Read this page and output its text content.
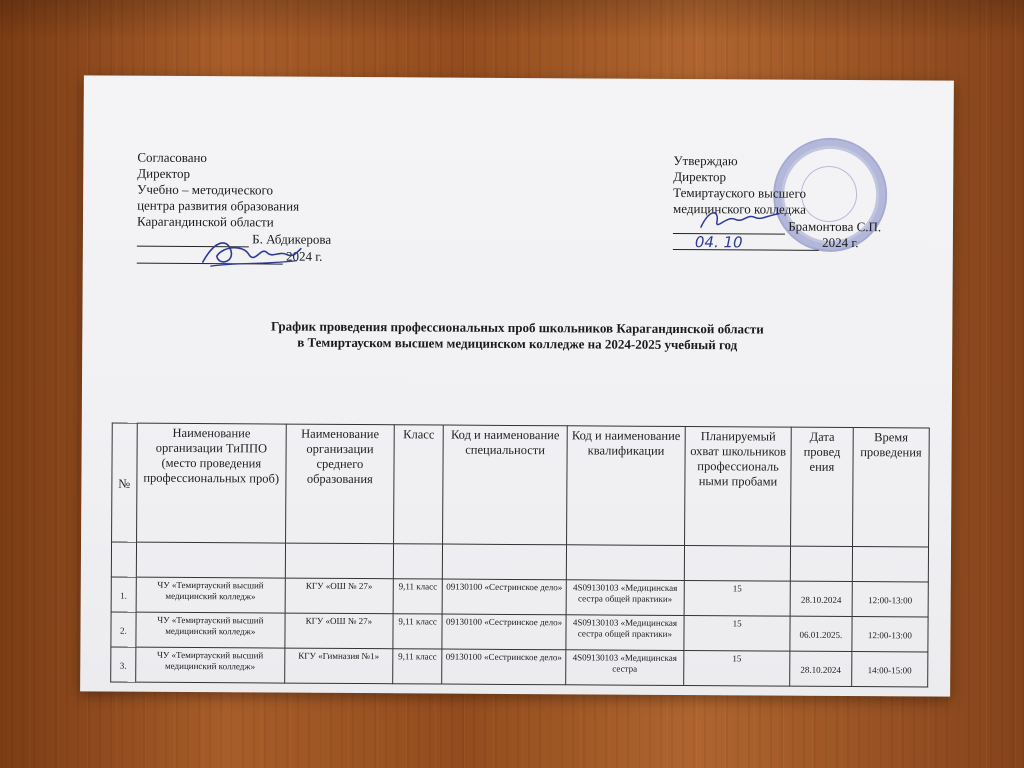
Согласовано
Директор
Учебно – методического
центра развития образования
Карагандинской области
Б. Абдикерова
2024 г.
Утверждаю
Директор
Темиртауского высшего
медицинского колледжа
Брамонтова С.П.
04. 10	2024 г.
График проведения профессиональных проб школьников Карагандинской области
в Темиртауском высшем медицинском колледже на 2024-2025 учебный год
№	Наименование организации ТиППО (место проведения профессиональных проб)	Наименование организации среднего образования	Класс	Код и наименование специальности	Код и наименование квалификации	Планируемый охват школьников профессиональ ными пробами	Дата провед ения	Время проведения

1.	ЧУ «Темиртауский высший медицинский колледж»	КГУ «ОШ № 27»	9,11 класс	09130100 «Сестринское дело»	4S09130103 «Медицинская сестра общей практики»	15	28.10.2024	12:00-13:00
2.	ЧУ «Темиртауский высший медицинский колледж»	КГУ «ОШ № 27»	9,11 класс	09130100 «Сестринское дело»	4S09130103 «Медицинская сестра общей практики»	15	06.01.2025.	12:00-13:00
3.	ЧУ «Темиртауский высший медицинский колледж»	КГУ «Гимназия №1»	9,11 класс	09130100 «Сестринское дело»	4S09130103 «Медицинская сестра	15	28.10.2024	14:00-15:00
